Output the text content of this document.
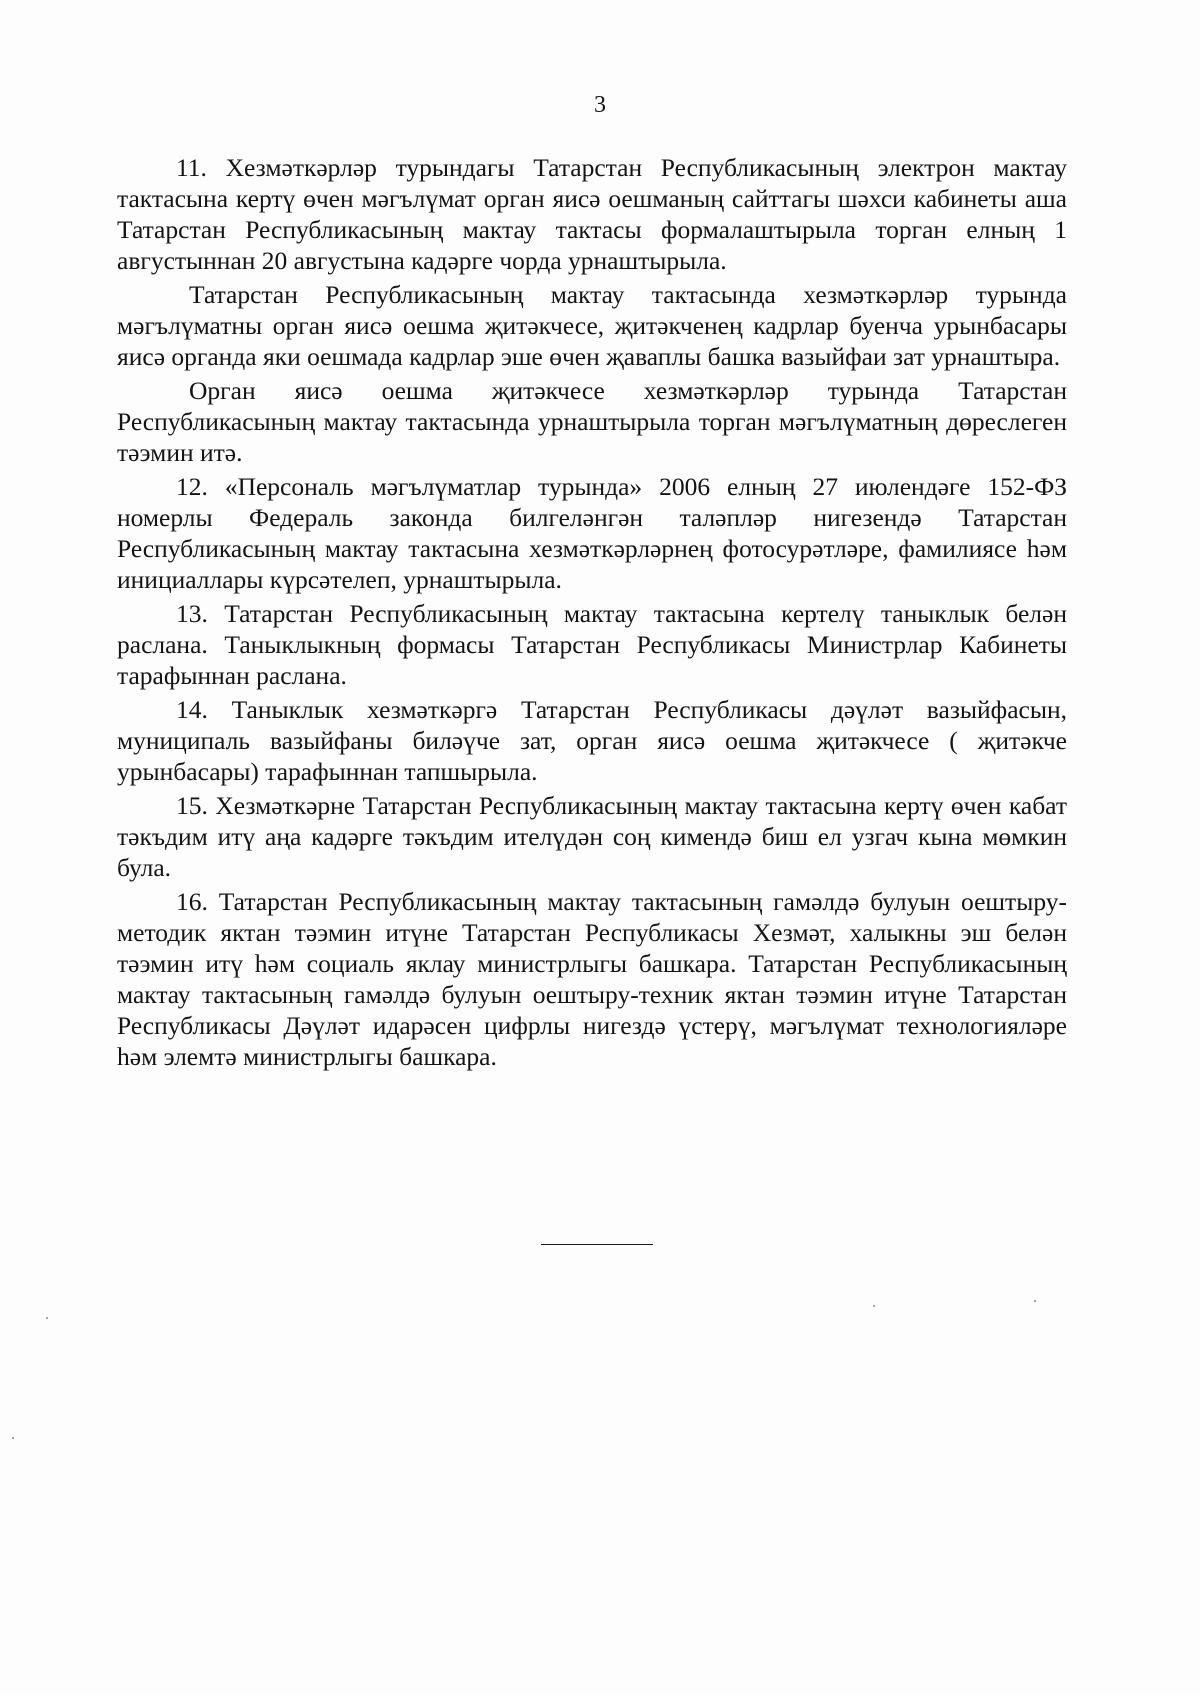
3

11. Хезмәткәрләр турындагы Татарстан Республикасының электрон мактау тактасына кертү өчен мәгълүмат орган яисә оешманың сайттагы шәхси кабинеты аша Татарстан Республикасының мактау тактасы формалаштырыла торган елның 1 августыннан 20 августына кадәрге чорда урнаштырыла.

Татарстан Республикасының мактау тактасында хезмәткәрләр турында мәгълүматны орган яисә оешма җитәкчесе, җитәкченең кадрлар буенча урынбасары яисә органда яки оешмада кадрлар эше өчен җаваплы башка вазыйфаи зат урнаштыра.

Орган яисә оешма җитәкчесе хезмәткәрләр турында Татарстан Республикасының мактау тактасында урнаштырыла торган мәгълүматның дөреслеген тәэмин итә.

12. «Персональ мәгълүматлар турында» 2006 елның 27 июлендәге 152-ФЗ номерлы Федераль законда билгеләнгән таләпләр нигезендә Татарстан Республикасының мактау тактасына хезмәткәрләрнең фотосурәтләре, фамилиясе һәм инициаллары күрсәтелеп, урнаштырыла.

13. Татарстан Республикасының мактау тактасына кертелү таныклык белән раслана. Таныклыкның формасы Татарстан Республикасы Министрлар Кабинеты тарафыннан раслана.

14. Таныклык хезмәткәргә Татарстан Республикасы дәүләт вазыйфасын, муниципаль вазыйфаны биләүче зат, орган яисә оешма җитәкчесе ( җитәкче урынбасары) тарафыннан тапшырыла.

15. Хезмәткәрне Татарстан Республикасының мактау тактасына кертү өчен кабат тәкъдим итү аңа кадәрге тәкъдим ителүдән соң кимендә биш ел узгач кына мөмкин була.

16. Татарстан Республикасының мактау тактасының гамәлдә булуын оештыру-методик яктан тәэмин итүне Татарстан Республикасы Хезмәт, халыкны эш белән тәэмин итү һәм социаль яклау министрлыгы башкара. Татарстан Республикасының мактау тактасының гамәлдә булуын оештыру-техник яктан тәэмин итүне Татарстан Республикасы Дәүләт идарәсен цифрлы нигездә үстерү, мәгълүмат технологияләре һәм элемтә министрлыгы башкара.
